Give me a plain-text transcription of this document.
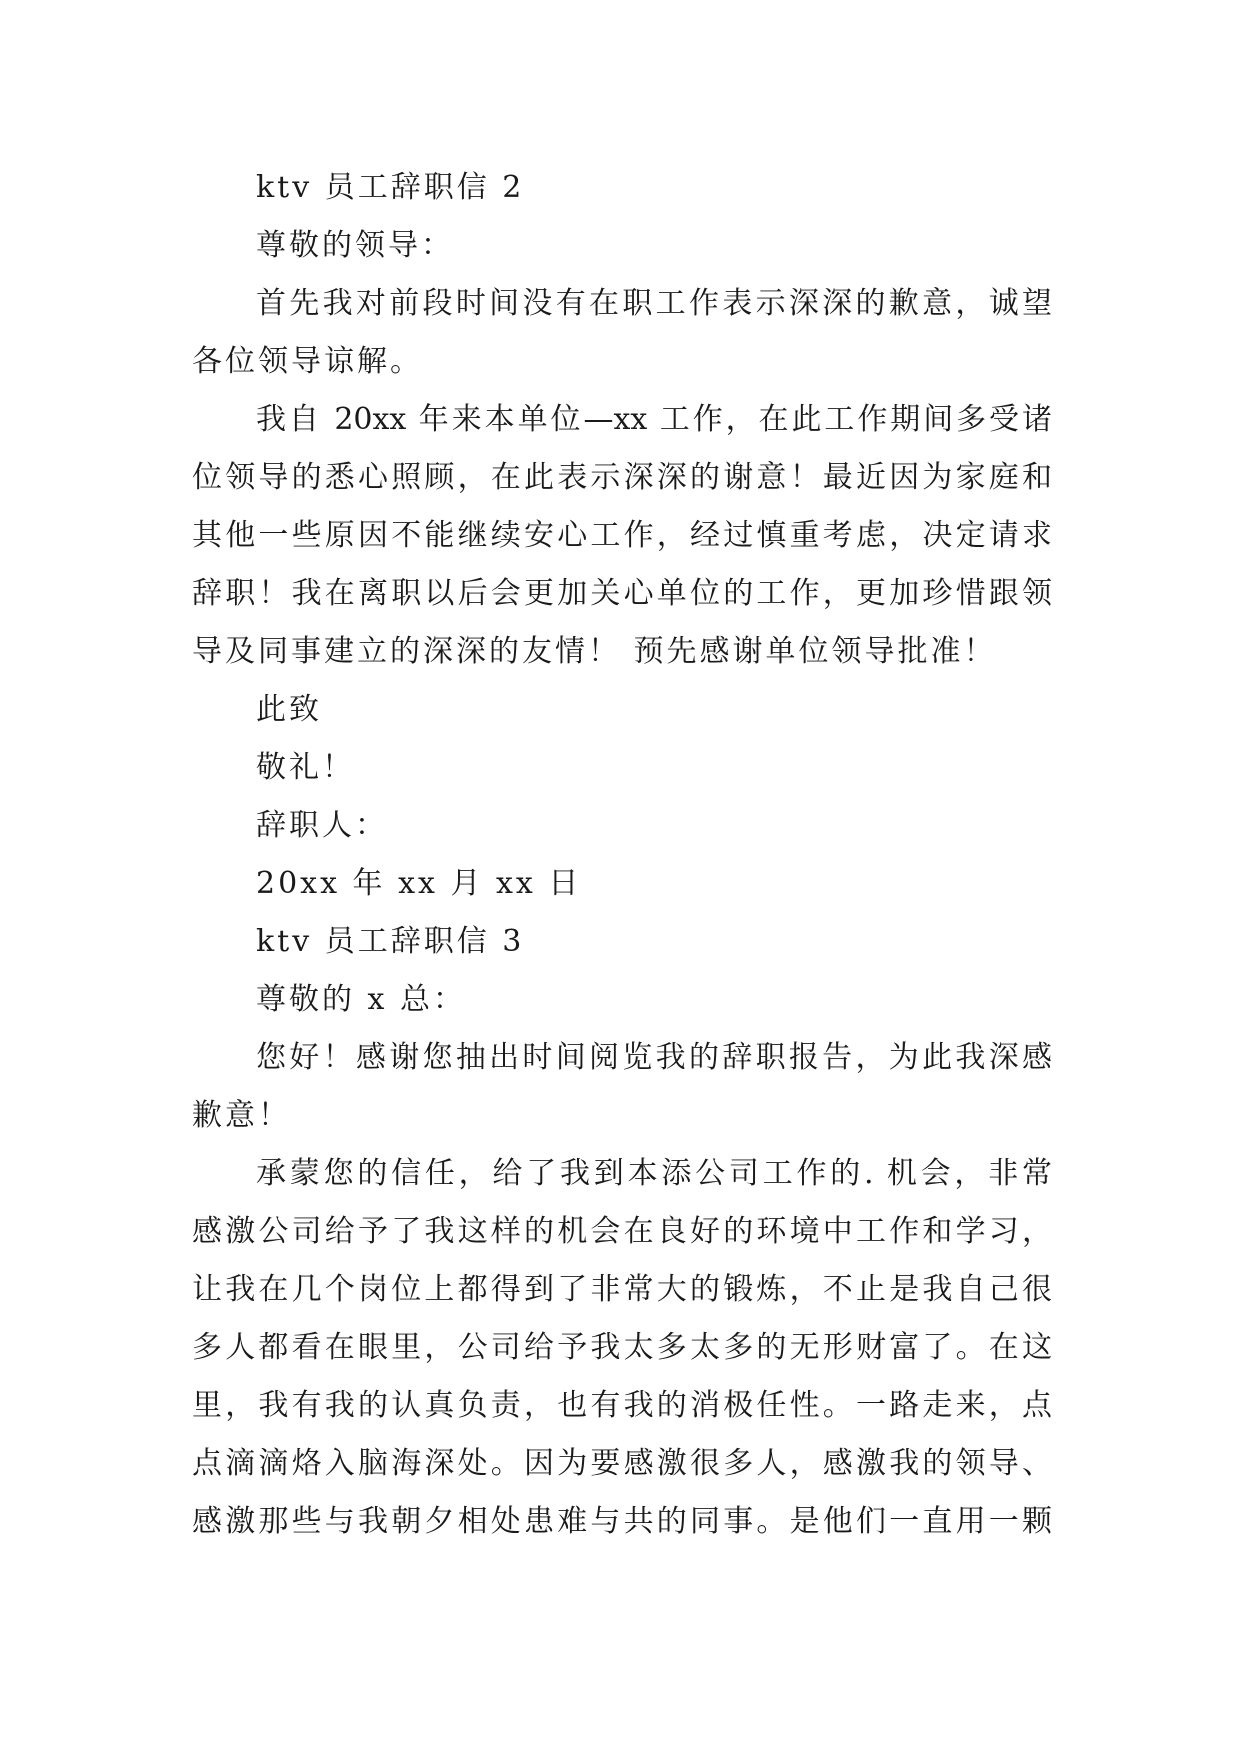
ktv 员工辞职信 2
尊敬的领导：
首先我对前段时间没有在职工作表示深深的歉意，诚望
各位领导谅解。
我自 20xx 年来本单位—xx 工作，在此工作期间多受诸
位领导的悉心照顾，在此表示深深的谢意！最近因为家庭和
其他一些原因不能继续安心工作，经过慎重考虑，决定请求
辞职！我在离职以后会更加关心单位的工作，更加珍惜跟领
导及同事建立的深深的友情！ 预先感谢单位领导批准！
此致
敬礼！
辞职人：
20xx 年 xx 月 xx 日
ktv 员工辞职信 3
尊敬的 x 总：
您好！感谢您抽出时间阅览我的辞职报告，为此我深感
歉意！
承蒙您的信任，给了我到本添公司工作的. 机会，非常
感激公司给予了我这样的机会在良好的环境中工作和学习，
让我在几个岗位上都得到了非常大的锻炼，不止是我自己很
多人都看在眼里，公司给予我太多太多的无形财富了。在这
里，我有我的认真负责，也有我的消极任性。一路走来，点
点滴滴烙入脑海深处。因为要感激很多人，感激我的领导、
感激那些与我朝夕相处患难与共的同事。是他们一直用一颗
